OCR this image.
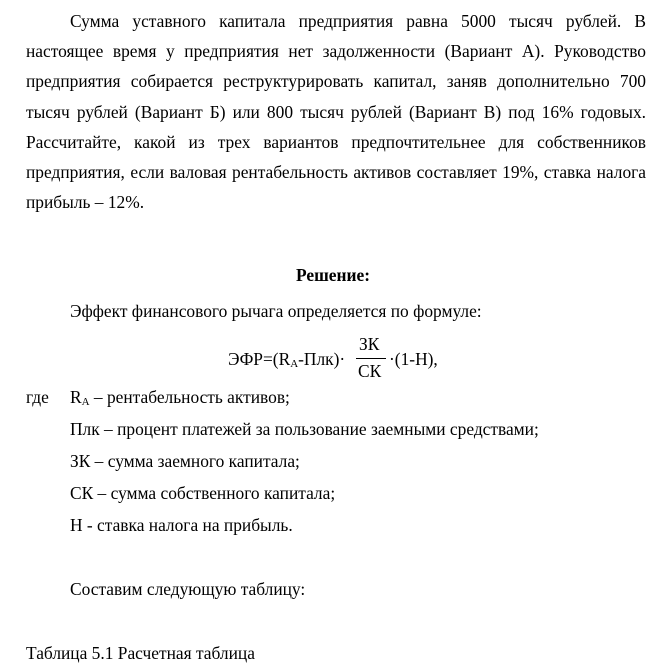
Сумма уставного капитала предприятия равна 5000 тысяч рублей. В настоящее время у предприятия нет задолженности (Вариант А). Руководство предприятия собирается реструктурировать капитал, заняв дополнительно 700 тысяч рублей (Вариант Б) или 800 тысяч рублей (Вариант В) под 16% годовых. Рассчитайте, какой из трех вариантов предпочтительнее для собственников предприятия, если валовая рентабельность активов составляет 19%, ставка налога прибыль – 12%.

Решение:
Эффект финансового рычага определяется по формуле:
$ЭФР=(R_А-Плк)\cdot$
ЗК
СК
·(1-Н),
где $R_А$ – рентабельность активов;
Плк – процент платежей за пользование заемными средствами;
ЗК – сумма заемного капитала;
СК – сумма собственного капитала;
Н - ставка налога на прибыль.
Составим следующую таблицу:
Таблица 5.1 Расчетная таблица
